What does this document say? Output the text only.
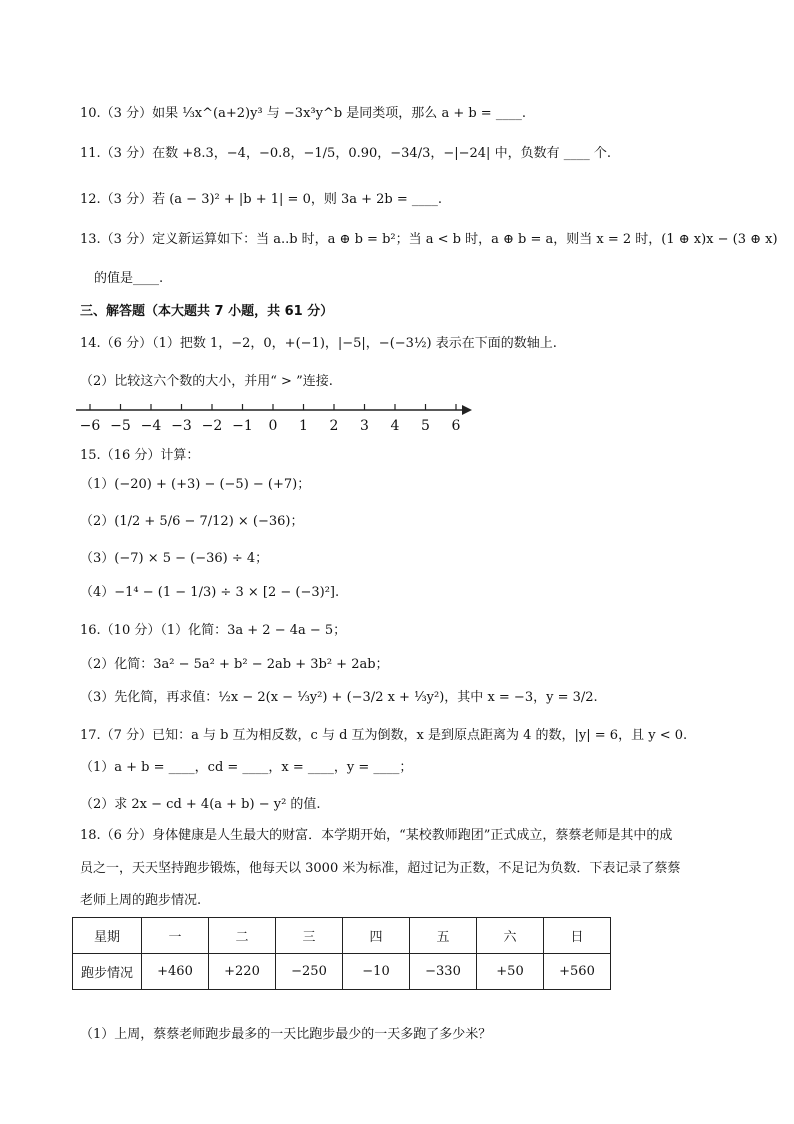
10.（3 分）如果 ⅓x^(a+2)y³ 与 −3x³y^b 是同类项，那么 a + b = ____.
11.（3 分）在数 +8.3，−4，−0.8，−1/5，0.90，−34/3，−|−24| 中，负数有 ____ 个.
12.（3 分）若 (a − 3)² + |b + 1| = 0，则 3a + 2b = ____.
13.（3 分）定义新运算如下：当 a..b 时，a ⊕ b = b²；当 a < b 时，a ⊕ b = a，则当 x = 2 时，(1 ⊕ x)x − (3 ⊕ x)
的值是____.
三、解答题（本大题共 7 小题，共 61 分）
14.（6 分）（1）把数 1，−2，0，+(−1)，|−5|，−(−3½) 表示在下面的数轴上.
（2）比较这六个数的大小，并用“ > ”连接.
−6 −5 −4 −3 −2 −1 0 1 2 3 4 5 6
15.（16 分）计算：
（1）(−20) + (+3) − (−5) − (+7)；
（2）(1/2 + 5/6 − 7/12) × (−36)；
（3）(−7) × 5 − (−36) ÷ 4；
（4）−1⁴ − (1 − 1/3) ÷ 3 × [2 − (−3)²].
16.（10 分）（1）化简：3a + 2 − 4a − 5；
（2）化简：3a² − 5a² + b² − 2ab + 3b² + 2ab；
（3）先化简，再求值：½x − 2(x − ⅓y²) + (−3/2 x + ⅓y²)，其中 x = −3，y = 3/2.
17.（7 分）已知：a 与 b 互为相反数，c 与 d 互为倒数，x 是到原点距离为 4 的数，|y| = 6，且 y < 0.
（1）a + b = ____，cd = ____，x = ____，y = ____；
（2）求 2x − cd + 4(a + b) − y² 的值.
18.（6 分）身体健康是人生最大的财富．本学期开始，“某校教师跑团”正式成立，蔡蔡老师是其中的成
员之一，天天坚持跑步锻炼，他每天以 3000 米为标准，超过记为正数，不足记为负数．下表记录了蔡蔡
老师上周的跑步情况.
星期	一	二	三	四	五	六	日
跑步情况	+460	+220	−250	−10	−330	+50	+560
（1）上周，蔡蔡老师跑步最多的一天比跑步最少的一天多跑了多少米？
